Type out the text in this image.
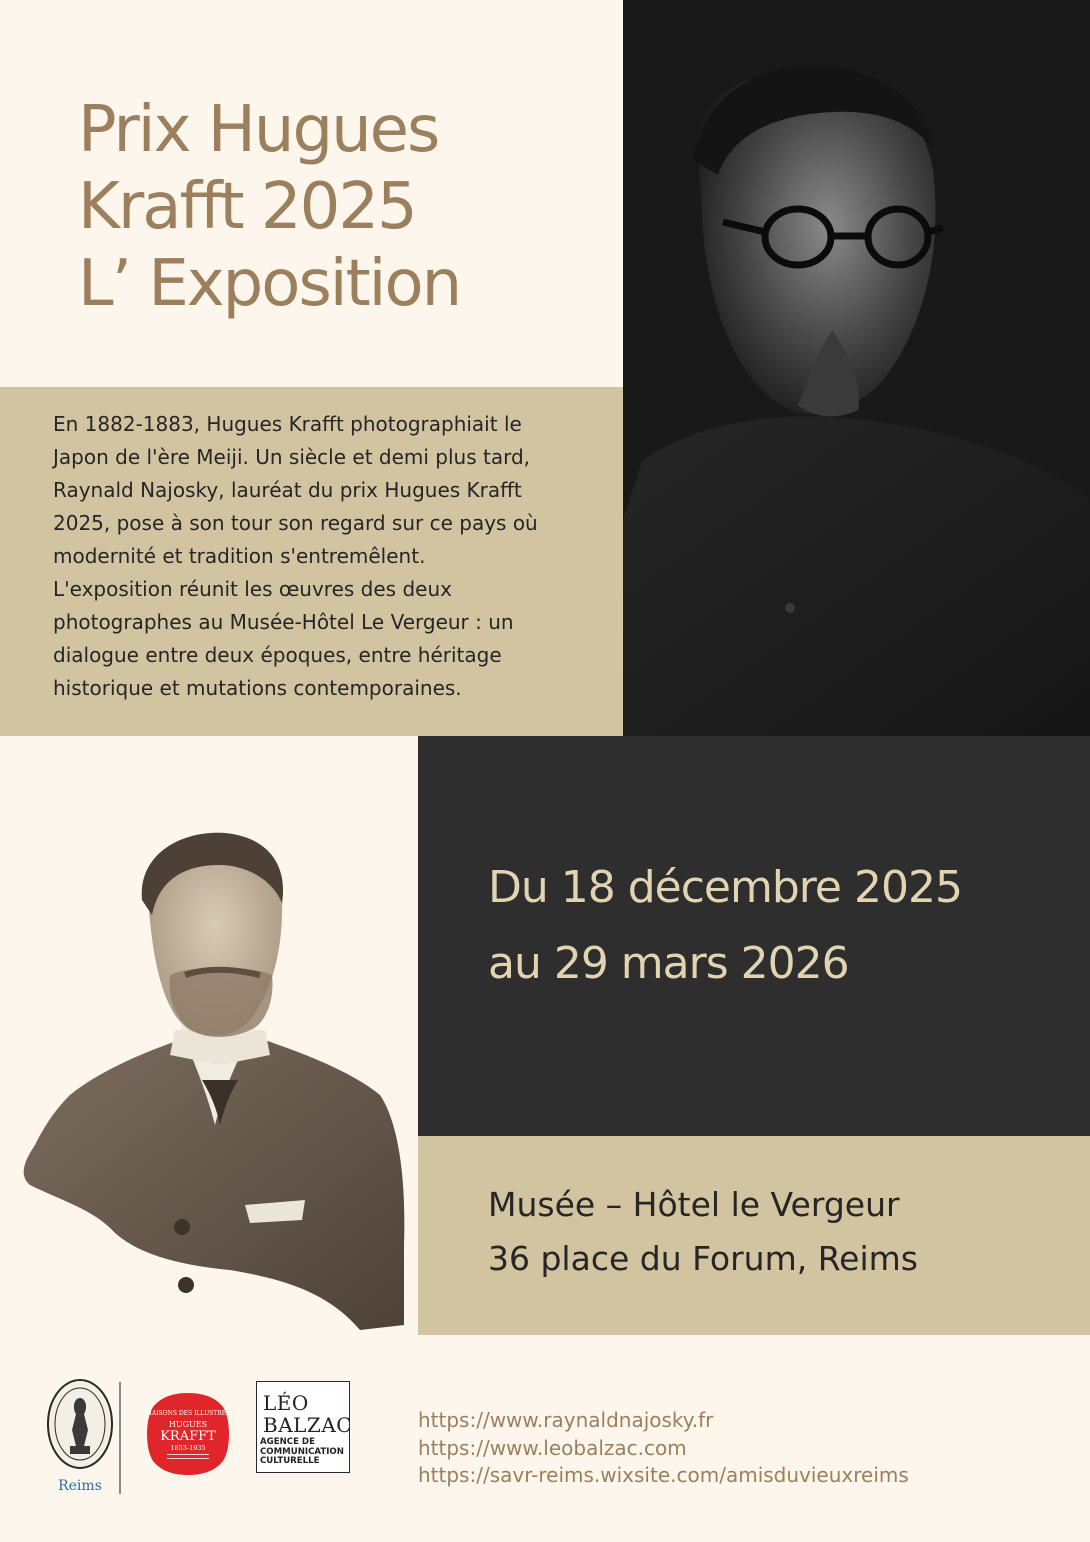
Prix Hugues
Krafft 2025
L’ Exposition

En 1882-1883, Hugues Krafft photographiait le
Japon de l'ère Meiji. Un siècle et demi plus tard,
Raynald Najosky, lauréat du prix Hugues Krafft
2025, pose à son tour son regard sur ce pays où
modernité et tradition s'entremêlent.
L'exposition réunit les œuvres des deux
photographes au Musée-Hôtel Le Vergeur : un
dialogue entre deux époques, entre héritage
historique et mutations contemporaines.

Du 18 décembre 2025
au 29 mars 2026

Musée – Hôtel le Vergeur
36 place du Forum, Reims

Reims
MAISONS DES ILLUSTRES
HUGUES
KRAFFT
1853-1935
LÉO
BALZAC
AGENCE DE
COMMUNICATION
CULTURELLE
https://www.raynaldnajosky.fr
https://www.leobalzac.com
https://savr-reims.wixsite.com/amisduvieuxreims
